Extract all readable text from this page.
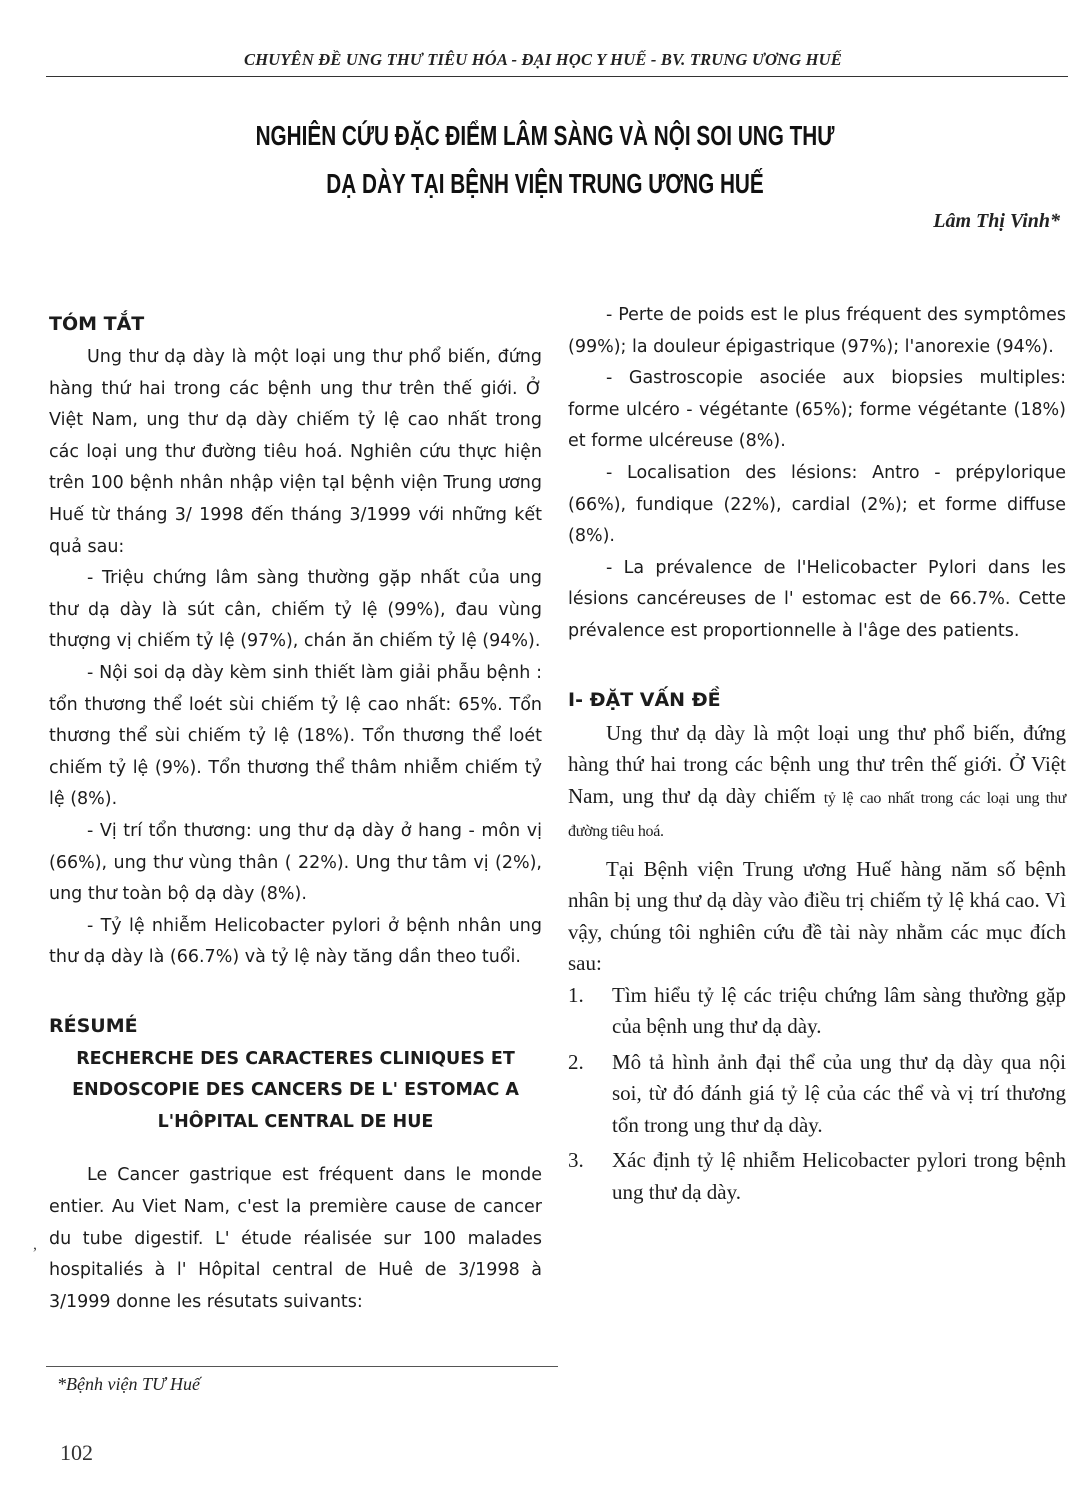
CHUYÊN ĐỀ UNG THƯ TIÊU HÓA - ĐẠI HỌC Y HUẾ - BV. TRUNG ƯƠNG HUẾ
NGHIÊN CỨU ĐẶC ĐIỂM LÂM SÀNG VÀ NỘI SOI UNG THƯ
DẠ DÀY TẠI BỆNH VIỆN TRUNG ƯƠNG HUẾ
Lâm Thị Vinh*
TÓM TẮT

Ung thư dạ dày là một loại ung thư phổ biến, đứng hàng thứ hai trong các bệnh ung thư trên thế giới. Ở Việt Nam, ung thư dạ dày chiếm tỷ lệ cao nhất trong các loại ung thư đường tiêu hoá. Nghiên cứu thực hiện trên 100 bệnh nhân nhập viện tạI bệnh viện Trung ương Huế từ tháng 3/ 1998 đến tháng 3/1999 với những kết quả sau:

- Triệu chứng lâm sàng thường gặp nhất của ung thư dạ dày là sút cân, chiếm tỷ lệ (99%), đau vùng thượng vị chiếm tỷ lệ (97%), chán ăn chiếm tỷ lệ (94%).

- Nội soi dạ dày kèm sinh thiết làm giải phẫu bệnh : tổn thương thể loét sùi chiếm tỷ lệ cao nhất: 65%. Tổn thương thể sùi chiếm tỷ lệ (18%). Tổn thương thể loét chiếm tỷ lệ (9%). Tổn thương thể thâm nhiễm chiếm tỷ lệ (8%).

- Vị trí tổn thương: ung thư dạ dày ở hang - môn vị (66%), ung thư vùng thân ( 22%). Ung thư tâm vị (2%), ung thư toàn bộ dạ dày (8%).

- Tỷ lệ nhiễm Helicobacter pylori ở bệnh nhân ung thư dạ dày là (66.7%) và tỷ lệ này tăng dần theo tuổi.

RÉSUMÉ

RECHERCHE DES CARACTERES CLINIQUES ET ENDOSCOPIE DES CANCERS DE L' ESTOMAC A L'HÔPITAL CENTRAL DE HUE

Le Cancer gastrique est fréquent dans le monde entier. Au Viet Nam, c'est la première cause de cancer du tube digestif. L' étude réalisée sur 100 malades hospitaliés à l' Hôpital central de Huê de 3/1998 à 3/1999 donne les résutats suivants:

,

- Perte de poids est le plus fréquent des symptômes (99%); la douleur épigastrique (97%); l'anorexie (94%).

- Gastroscopie asociée aux biopsies multiples: forme ulcéro - végétante (65%); forme végétante (18%) et forme ulcéreuse (8%).

- Localisation des lésions: Antro - prépylorique (66%), fundique (22%), cardial (2%); et forme diffuse (8%).

- La prévalence de l'Helicobacter Pylori dans les lésions cancéreuses de l' estomac est de 66.7%. Cette prévalence est proportionnelle à l'âge des patients.

I- ĐẶT VẤN ĐỀ

Ung thư dạ dày là một loại ung thư phổ biến, đứng hàng thứ hai trong các bệnh ung thư trên thế giới. Ở Việt Nam, ung thư dạ dày chiếm tỷ lệ cao nhất trong các loại ung thư đường tiêu hoá.

Tại Bệnh viện Trung ương Huế hàng năm số bệnh nhân bị ung thư dạ dày vào điều trị chiếm tỷ lệ khá cao. Vì vậy, chúng tôi nghiên cứu đề tài này nhằm các mục đích sau:

1.	Tìm hiểu tỷ lệ các triệu chứng lâm sàng thường gặp của bệnh ung thư dạ dày.
2.	Mô tả hình ảnh đại thể của ung thư dạ dày qua nội soi, từ đó đánh giá tỷ lệ của các thể và vị trí thương tổn trong ung thư dạ dày.
3.	Xác định tỷ lệ nhiễm Helicobacter pylori trong bệnh ung thư dạ dày.
*Bệnh viện TƯ Huế
102
